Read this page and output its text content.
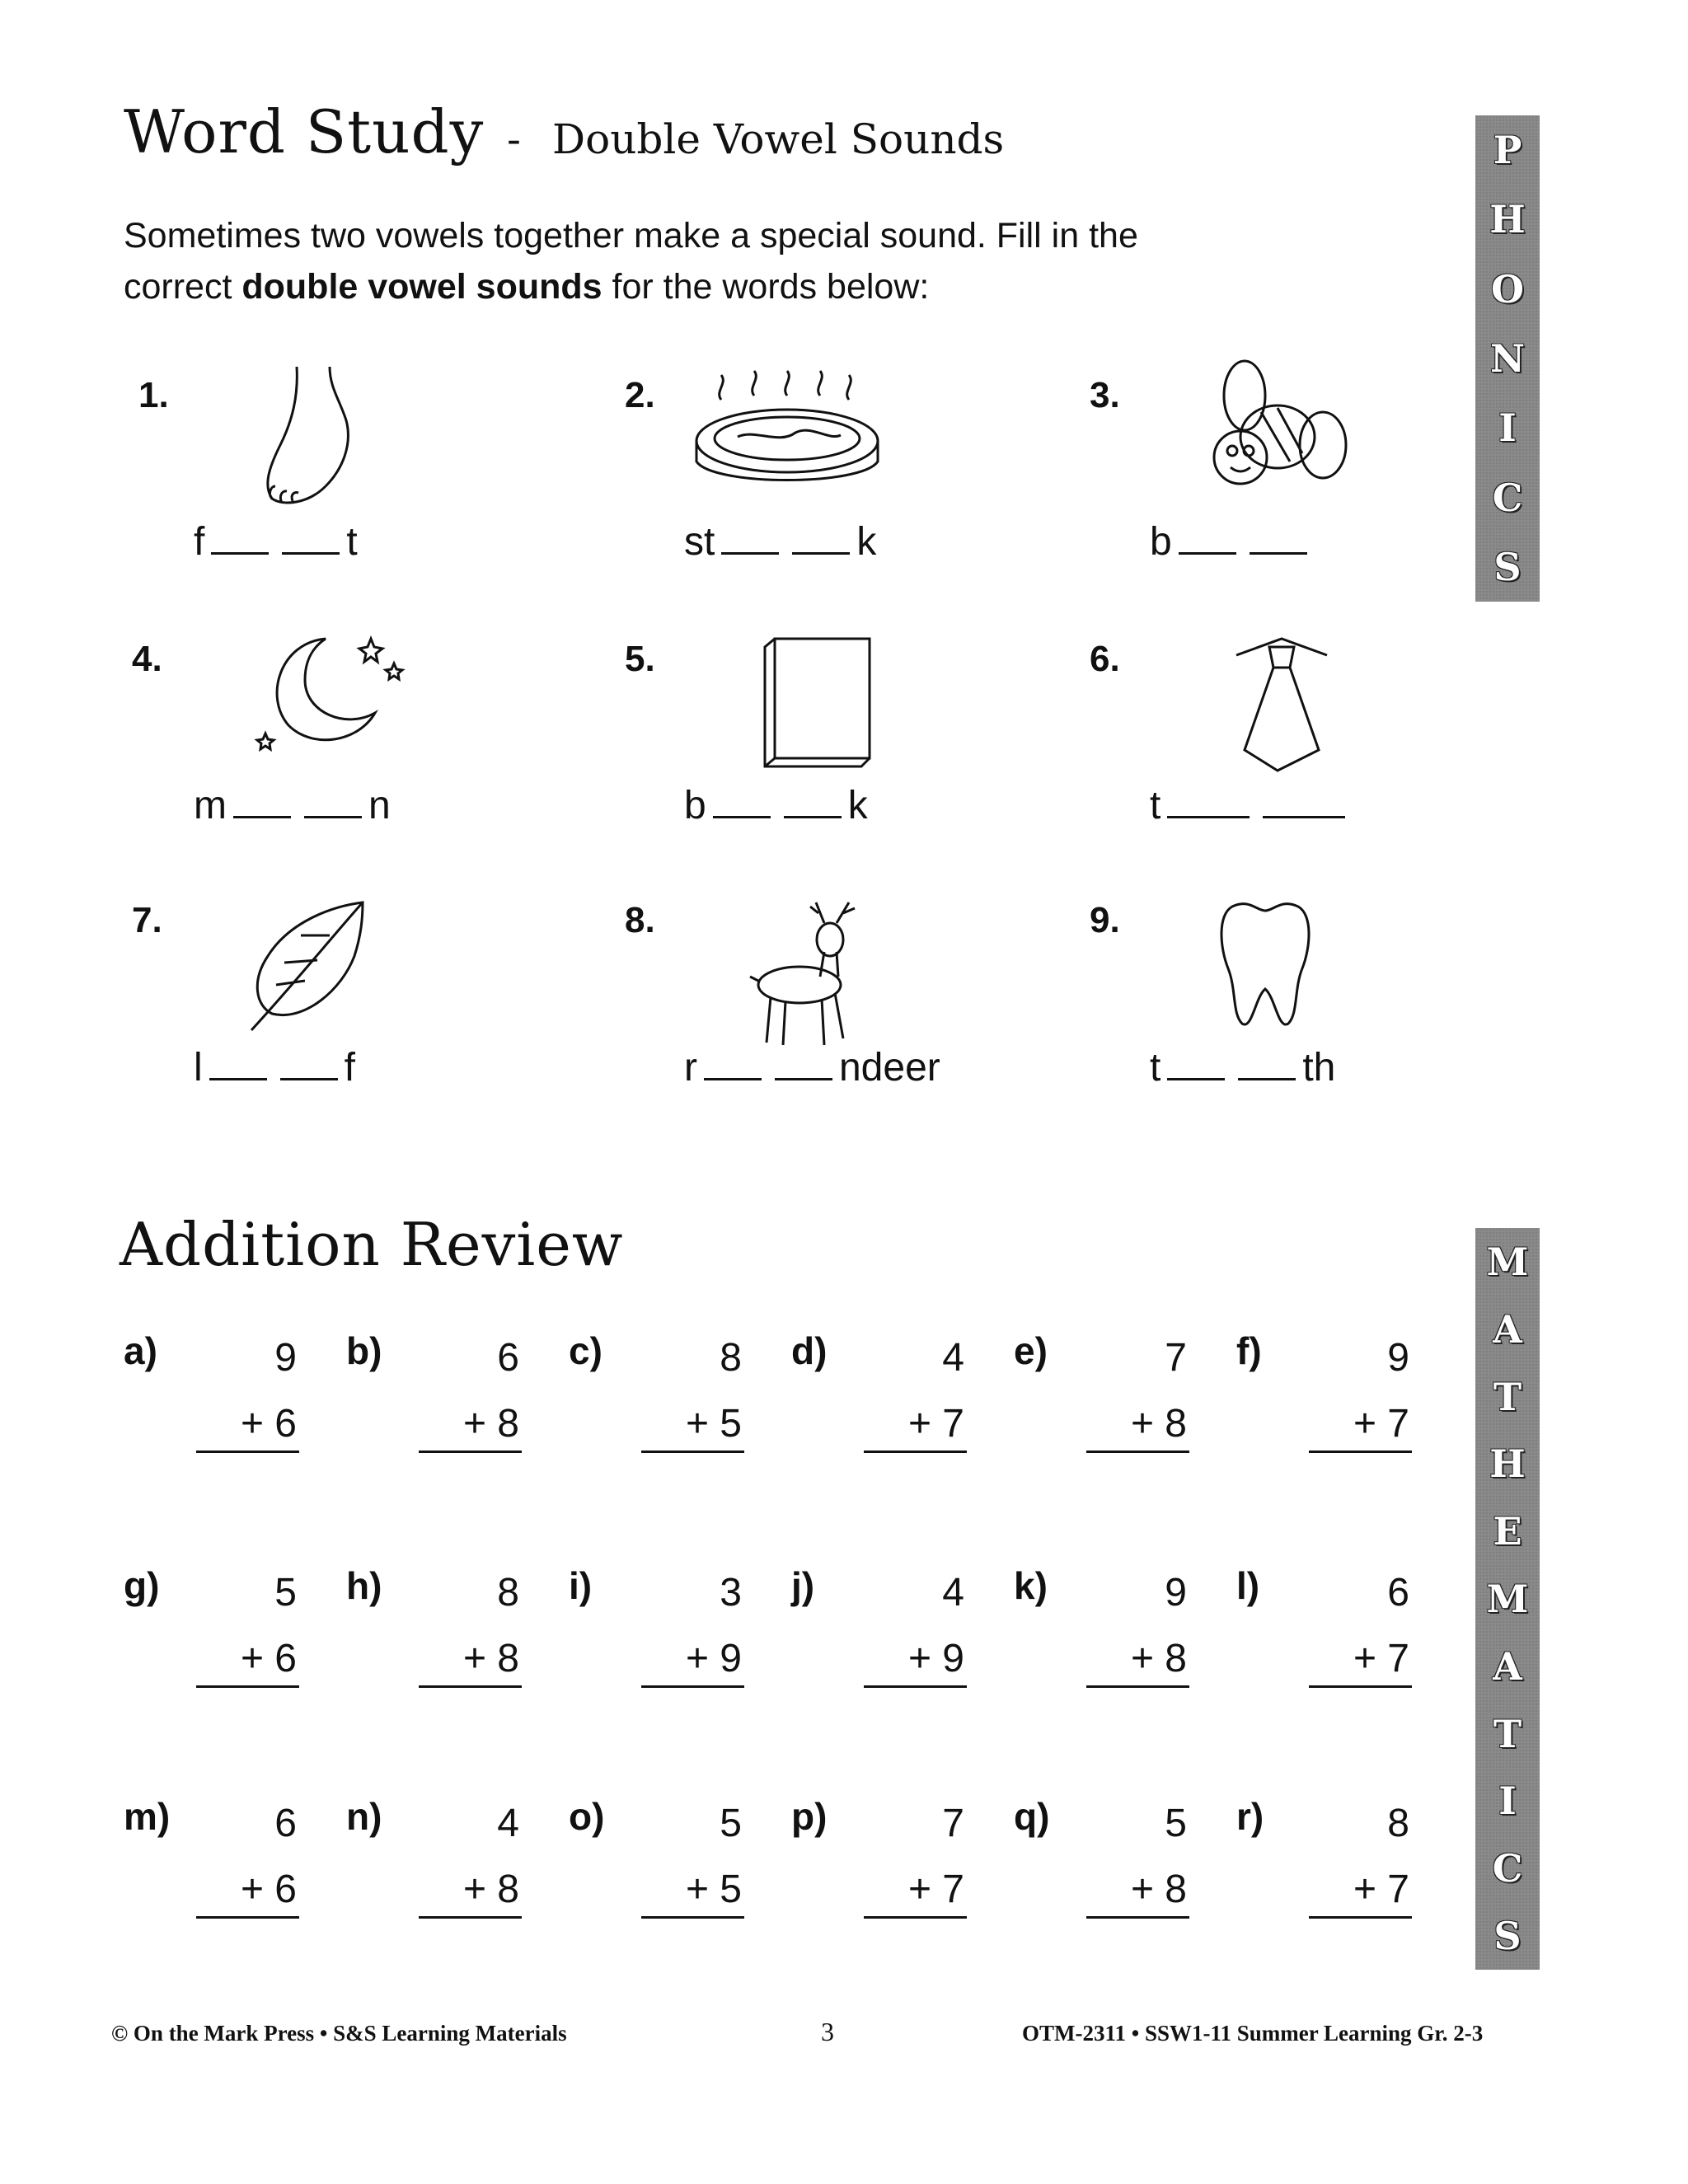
Word Study - Double Vowel Sounds
Sometimes two vowels together make a special sound. Fill in the
correct double vowel sounds for the words below:
P
H
O
N
I
C
S
1.
f	t
2.
st	k
3.
b
4.
m	n
5.
b	k
6.
t
7.
l	f
8.
r	ndeer
9.
t	th
Addition Review	M
A
T
H
E
M
A
T
I
C
S
a)	9
+ 6
b)	6
+ 8
c)	8
+ 5
d)	4
+ 7
e)	7
+ 8
f)	9
+ 7
g)	5
+ 6
h)	8
+ 8
i)	3
+ 9
j)	4
+ 9
k)	9
+ 8
l)	6
+ 7
m)	6
+ 6
n)	4
+ 8
o)	5
+ 5
p)	7
+ 7
q)	5
+ 8
r)	8
+ 7
© On the Mark Press • S&S Learning Materials	3	OTM-2311 • SSW1-11 Summer Learning Gr. 2-3
